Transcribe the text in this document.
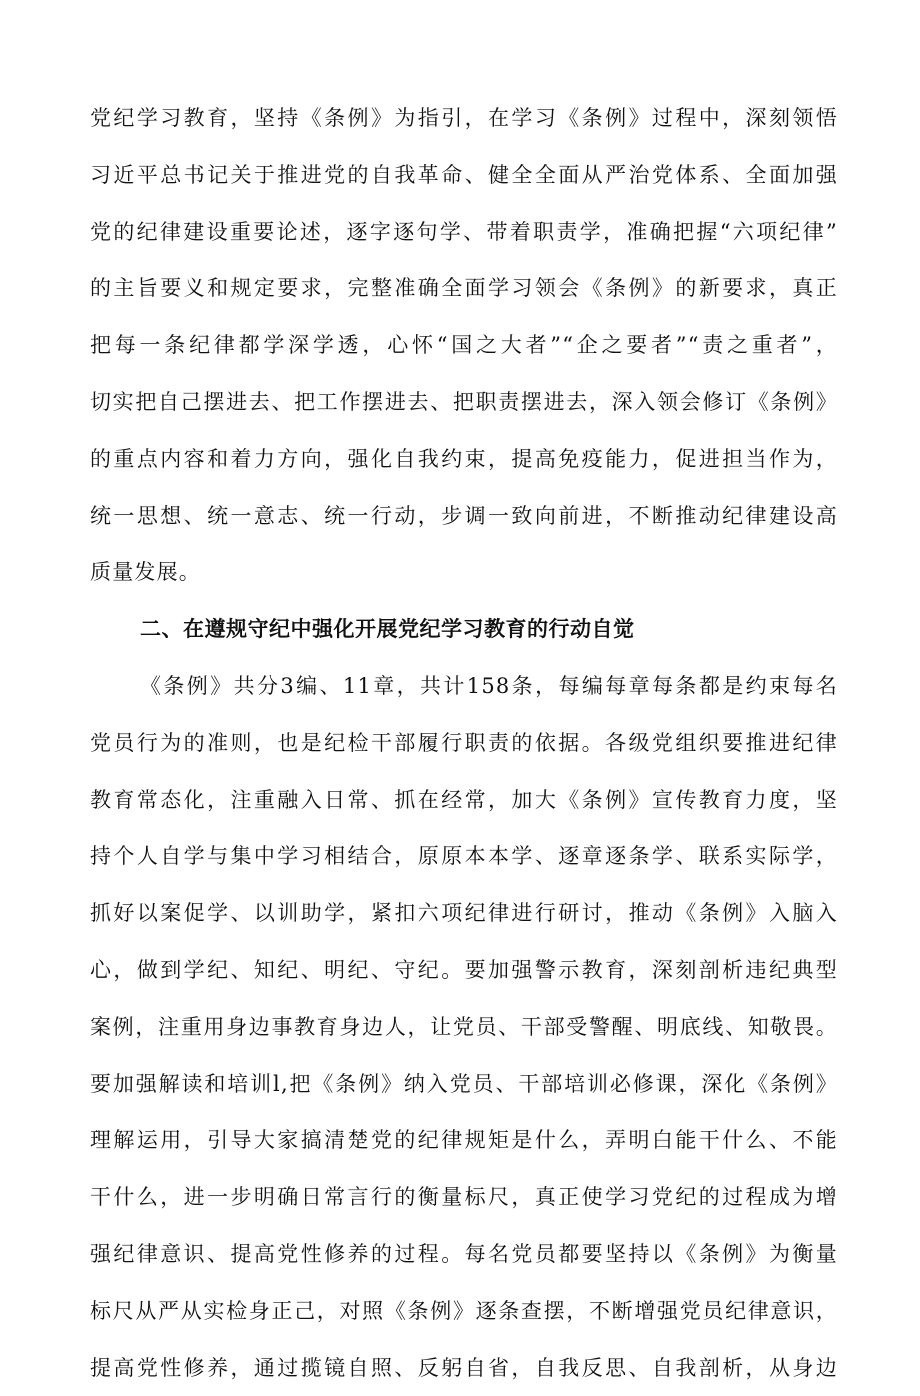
党纪学习教育，坚持《条例》为指引，在学习《条例》过程中，深刻领悟
习近平总书记关于推进党的自我革命、健全全面从严治党体系、全面加强
党的纪律建设重要论述，逐字逐句学、带着职责学，准确把握“六项纪律”
的主旨要义和规定要求，完整准确全面学习领会《条例》的新要求，真正
把每一条纪律都学深学透，心怀“国之大者”“企之要者”“责之重者”，
切实把自己摆进去、把工作摆进去、把职责摆进去，深入领会修订《条例》
的重点内容和着力方向，强化自我约束，提高免疫能力，促进担当作为，
统一思想、统一意志、统一行动，步调一致向前进，不断推动纪律建设高
质量发展。
二、在遵规守纪中强化开展党纪学习教育的行动自觉
《条例》共分3编、11章，共计158条，每编每章每条都是约束每名
党员行为的准则，也是纪检干部履行职责的依据。各级党组织要推进纪律
教育常态化，注重融入日常、抓在经常，加大《条例》宣传教育力度，坚
持个人自学与集中学习相结合，原原本本学、逐章逐条学、联系实际学，
抓好以案促学、以训助学，紧扣六项纪律进行研讨，推动《条例》入脑入
心，做到学纪、知纪、明纪、守纪。要加强警示教育，深刻剖析违纪典型
案例，注重用身边事教育身边人，让党员、干部受警醒、明底线、知敬畏。
要加强解读和培训l,把《条例》纳入党员、干部培训必修课，深化《条例》
理解运用，引导大家搞清楚党的纪律规矩是什么，弄明白能干什么、不能
干什么，进一步明确日常言行的衡量标尺，真正使学习党纪的过程成为增
强纪律意识、提高党性修养的过程。每名党员都要坚持以《条例》为衡量
标尺从严从实检身正己，对照《条例》逐条查摆，不断增强党员纪律意识，
提高党性修养，通过揽镜自照、反躬自省，自我反思、自我剖析，从身边
